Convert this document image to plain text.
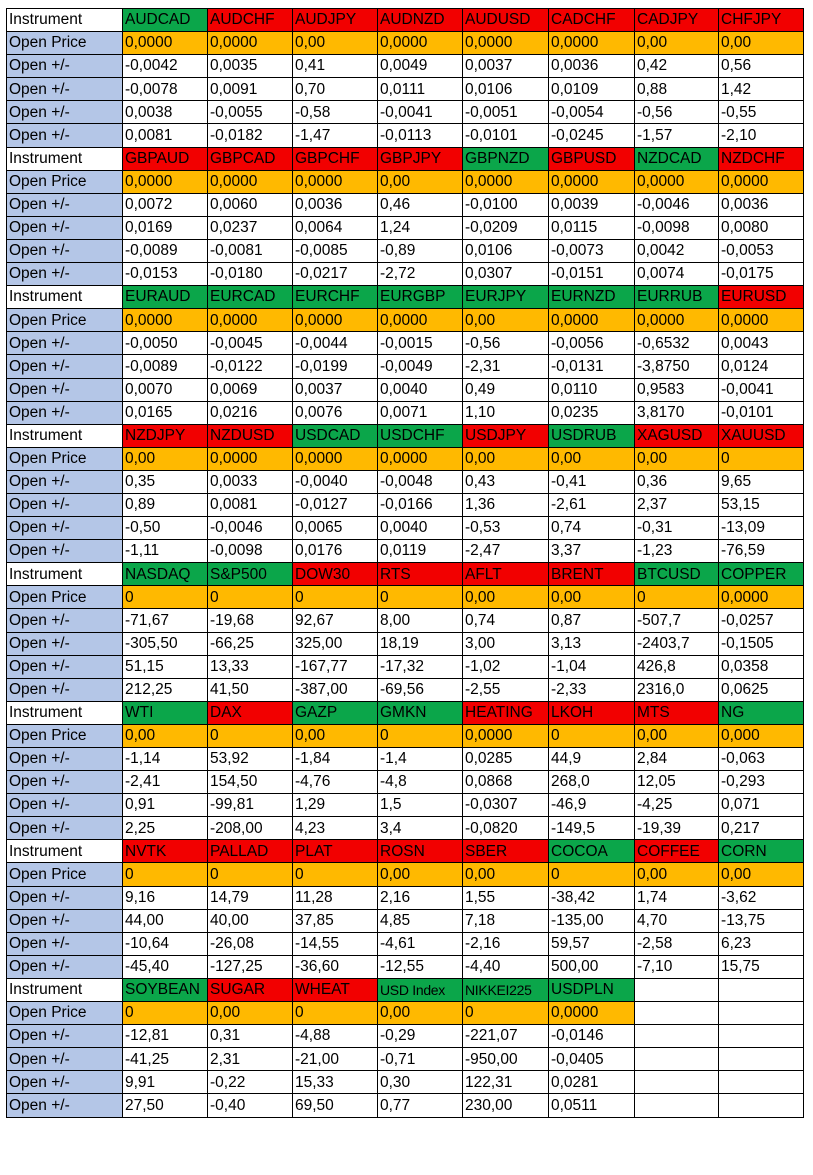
Instrument	AUDCAD	AUDCHF	AUDJPY	AUDNZD	AUDUSD	CADCHF	CADJPY	CHFJPY
Open Price	0,0000	0,0000	0,00	0,0000	0,0000	0,0000	0,00	0,00
Open +/-	-0,0042	0,0035	0,41	0,0049	0,0037	0,0036	0,42	0,56
Open +/-	-0,0078	0,0091	0,70	0,0111	0,0106	0,0109	0,88	1,42
Open +/-	0,0038	-0,0055	-0,58	-0,0041	-0,0051	-0,0054	-0,56	-0,55
Open +/-	0,0081	-0,0182	-1,47	-0,0113	-0,0101	-0,0245	-1,57	-2,10
Instrument	GBPAUD	GBPCAD	GBPCHF	GBPJPY	GBPNZD	GBPUSD	NZDCAD	NZDCHF
Open Price	0,0000	0,0000	0,0000	0,00	0,0000	0,0000	0,0000	0,0000
Open +/-	0,0072	0,0060	0,0036	0,46	-0,0100	0,0039	-0,0046	0,0036
Open +/-	0,0169	0,0237	0,0064	1,24	-0,0209	0,0115	-0,0098	0,0080
Open +/-	-0,0089	-0,0081	-0,0085	-0,89	0,0106	-0,0073	0,0042	-0,0053
Open +/-	-0,0153	-0,0180	-0,0217	-2,72	0,0307	-0,0151	0,0074	-0,0175
Instrument	EURAUD	EURCAD	EURCHF	EURGBP	EURJPY	EURNZD	EURRUB	EURUSD
Open Price	0,0000	0,0000	0,0000	0,0000	0,00	0,0000	0,0000	0,0000
Open +/-	-0,0050	-0,0045	-0,0044	-0,0015	-0,56	-0,0056	-0,6532	0,0043
Open +/-	-0,0089	-0,0122	-0,0199	-0,0049	-2,31	-0,0131	-3,8750	0,0124
Open +/-	0,0070	0,0069	0,0037	0,0040	0,49	0,0110	0,9583	-0,0041
Open +/-	0,0165	0,0216	0,0076	0,0071	1,10	0,0235	3,8170	-0,0101
Instrument	NZDJPY	NZDUSD	USDCAD	USDCHF	USDJPY	USDRUB	XAGUSD	XAUUSD
Open Price	0,00	0,0000	0,0000	0,0000	0,00	0,00	0,00	0
Open +/-	0,35	0,0033	-0,0040	-0,0048	0,43	-0,41	0,36	9,65
Open +/-	0,89	0,0081	-0,0127	-0,0166	1,36	-2,61	2,37	53,15
Open +/-	-0,50	-0,0046	0,0065	0,0040	-0,53	0,74	-0,31	-13,09
Open +/-	-1,11	-0,0098	0,0176	0,0119	-2,47	3,37	-1,23	-76,59
Instrument	NASDAQ	S&P500	DOW30	RTS	AFLT	BRENT	BTCUSD	COPPER
Open Price	0	0	0	0	0,00	0,00	0	0,0000
Open +/-	-71,67	-19,68	92,67	8,00	0,74	0,87	-507,7	-0,0257
Open +/-	-305,50	-66,25	325,00	18,19	3,00	3,13	-2403,7	-0,1505
Open +/-	51,15	13,33	-167,77	-17,32	-1,02	-1,04	426,8	0,0358
Open +/-	212,25	41,50	-387,00	-69,56	-2,55	-2,33	2316,0	0,0625
Instrument	WTI	DAX	GAZP	GMKN	HEATING	LKOH	MTS	NG
Open Price	0,00	0	0,00	0	0,0000	0	0,00	0,000
Open +/-	-1,14	53,92	-1,84	-1,4	0,0285	44,9	2,84	-0,063
Open +/-	-2,41	154,50	-4,76	-4,8	0,0868	268,0	12,05	-0,293
Open +/-	0,91	-99,81	1,29	1,5	-0,0307	-46,9	-4,25	0,071
Open +/-	2,25	-208,00	4,23	3,4	-0,0820	-149,5	-19,39	0,217
Instrument	NVTK	PALLAD	PLAT	ROSN	SBER	COCOA	COFFEE	CORN
Open Price	0	0	0	0,00	0,00	0	0,00	0,00
Open +/-	9,16	14,79	11,28	2,16	1,55	-38,42	1,74	-3,62
Open +/-	44,00	40,00	37,85	4,85	7,18	-135,00	4,70	-13,75
Open +/-	-10,64	-26,08	-14,55	-4,61	-2,16	59,57	-2,58	6,23
Open +/-	-45,40	-127,25	-36,60	-12,55	-4,40	500,00	-7,10	15,75
Instrument	SOYBEAN	SUGAR	WHEAT	USD Index	NIKKEI225	USDPLN		
Open Price	0	0,00	0	0,00	0	0,0000		
Open +/-	-12,81	0,31	-4,88	-0,29	-221,07	-0,0146		
Open +/-	-41,25	2,31	-21,00	-0,71	-950,00	-0,0405		
Open +/-	9,91	-0,22	15,33	0,30	122,31	0,0281		
Open +/-	27,50	-0,40	69,50	0,77	230,00	0,0511		
